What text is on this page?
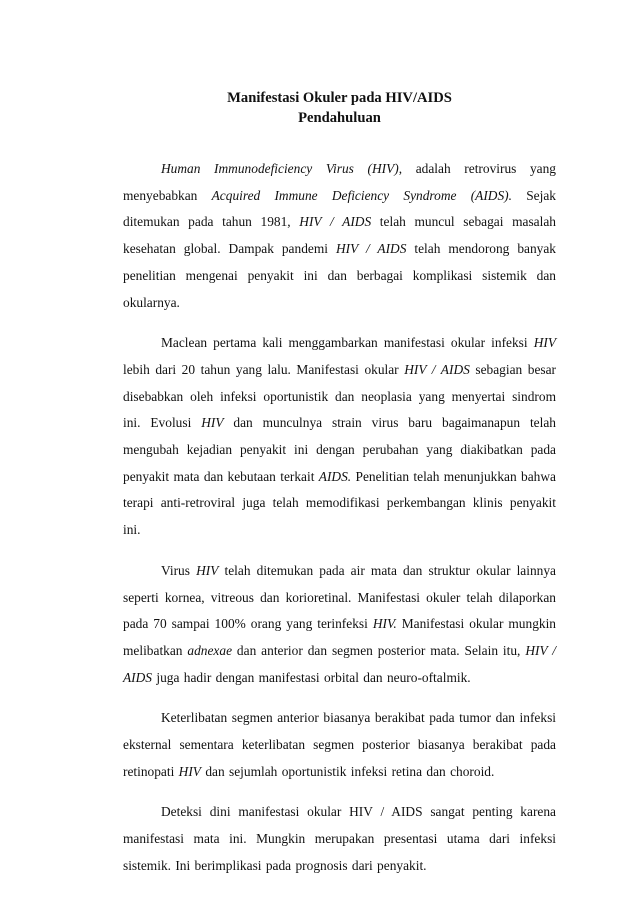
Manifestasi Okuler pada HIV/AIDS
Pendahuluan

Human Immunodeficiency Virus (HIV), adalah retrovirus yang menyebabkan Acquired Immune Deficiency Syndrome (AIDS). Sejak ditemukan pada tahun 1981, HIV / AIDS telah muncul sebagai masalah kesehatan global. Dampak pandemi HIV / AIDS telah mendorong banyak penelitian mengenai penyakit ini dan berbagai komplikasi sistemik dan okularnya.

Maclean pertama kali menggambarkan manifestasi okular infeksi HIV lebih dari 20 tahun yang lalu. Manifestasi okular HIV / AIDS sebagian besar disebabkan oleh infeksi oportunistik dan neoplasia yang menyertai sindrom ini. Evolusi HIV dan munculnya strain virus baru bagaimanapun telah mengubah kejadian penyakit ini dengan perubahan yang diakibatkan pada penyakit mata dan kebutaan terkait AIDS. Penelitian telah menunjukkan bahwa terapi anti-retroviral juga telah memodifikasi perkembangan klinis penyakit ini.

Virus HIV telah ditemukan pada air mata dan struktur okular lainnya seperti kornea, vitreous dan korioretinal. Manifestasi okuler telah dilaporkan pada 70 sampai 100% orang yang terinfeksi HIV. Manifestasi okular mungkin melibatkan adnexae dan anterior dan segmen posterior mata. Selain itu, HIV / AIDS juga hadir dengan manifestasi orbital dan neuro-oftalmik.

Keterlibatan segmen anterior biasanya berakibat pada tumor dan infeksi eksternal sementara keterlibatan segmen posterior biasanya berakibat pada retinopati HIV dan sejumlah oportunistik infeksi retina dan choroid.

Deteksi dini manifestasi okular HIV / AIDS sangat penting karena manifestasi mata ini. Mungkin merupakan presentasi utama dari infeksi sistemik. Ini berimplikasi pada prognosis dari penyakit.
